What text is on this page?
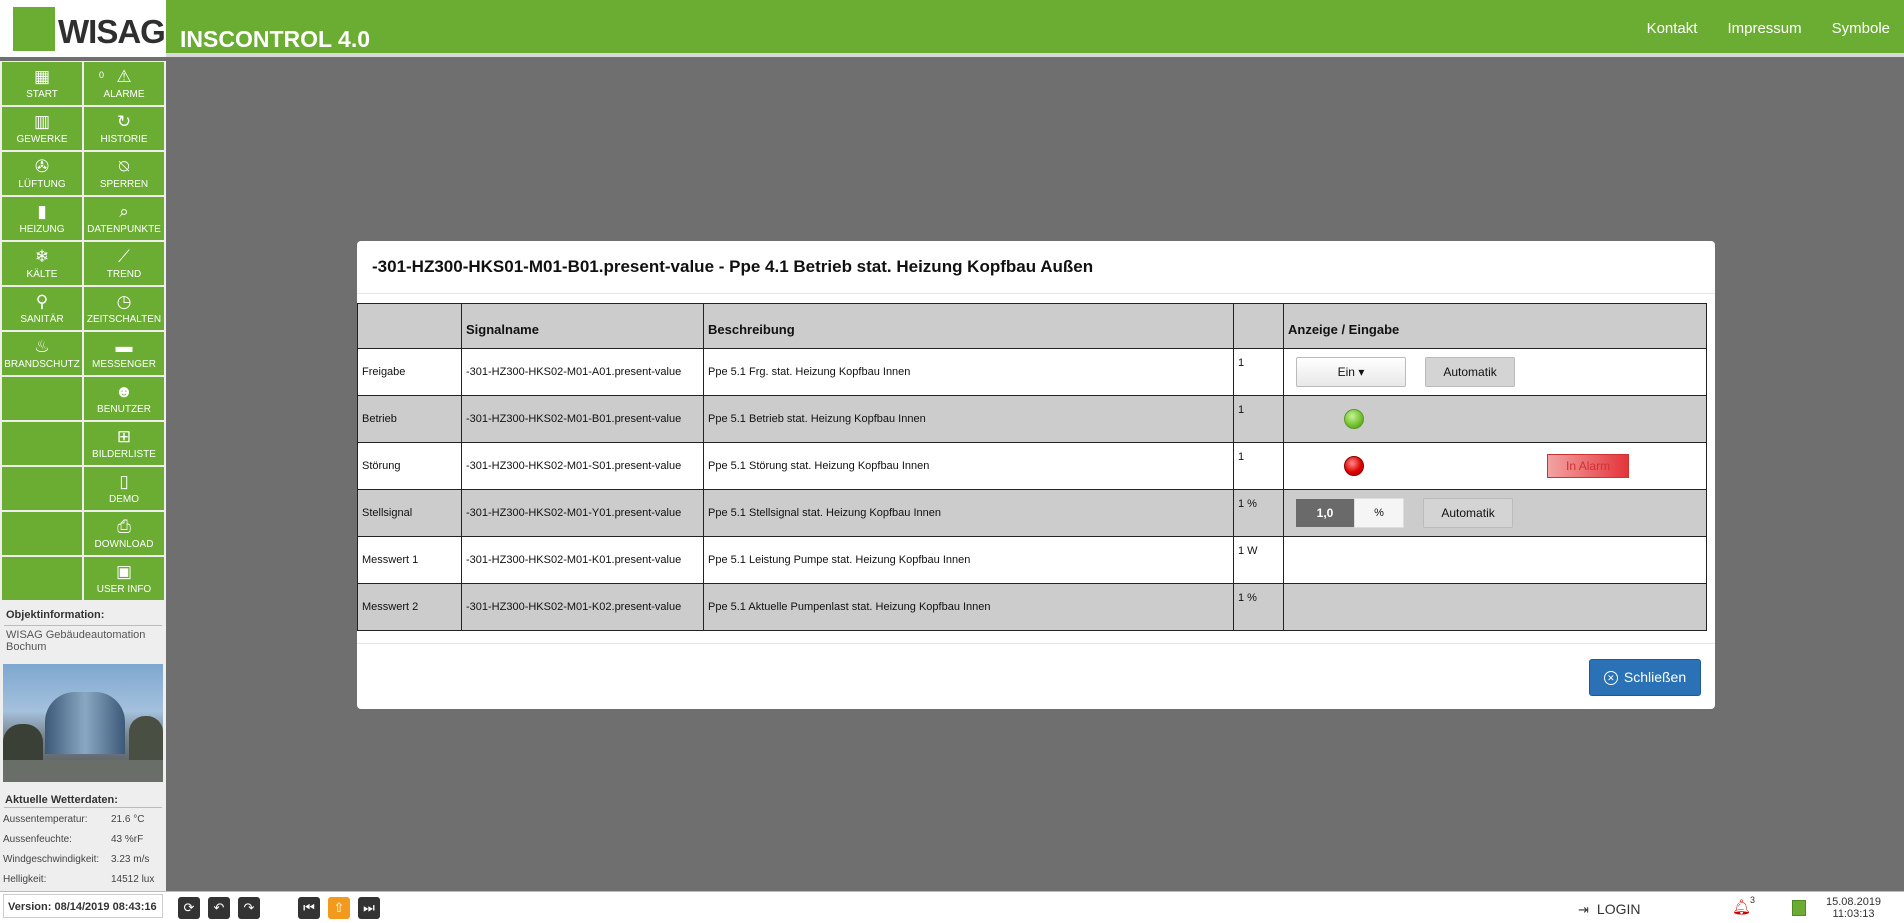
WISAG INSCONTROL 4.0	Kontakt Impressum Symbole
▦
START
▥
GEWERKE
✇
LÜFTUNG
▮
HEIZUNG
❄
KÄLTE
⚲
SANITÄR
♨
BRANDSCHUTZ
0 ⚠
ALARME
↻
HISTORIE
⍉
SPERREN
⌕
DATENPUNKTE
⟋
TREND
◷
ZEITSCHALTEN
▬
MESSENGER
☻
BENUTZER
⊞
BILDERLISTE
▯
DEMO
⎙
DOWNLOAD
▣
USER INFO
Objektinformation:
WISAG Gebäudeautomation Bochum
Aktuelle Wetterdaten:
Aussentemperatur: 21.6 °C
Aussenfeuchte:	43 %rF
Windgeschwindigkeit: 3.23 m/s
Helligkeit:	14512 lux
-301-HZ300-HKS01-M01-B01.present-value - Ppe 4.1 Betrieb stat. Heizung Kopfbau Außen
	Signalname	Beschreibung		Anzeige / Eingabe
Freigabe	-301-HZ300-HKS02-M01-A01.present-value	Ppe 5.1 Frg. stat. Heizung Kopfbau Innen	1	Ein ▾ Automatik
Betrieb	-301-HZ300-HKS02-M01-B01.present-value	Ppe 5.1 Betrieb stat. Heizung Kopfbau Innen	1	
Störung	-301-HZ300-HKS02-M01-S01.present-value	Ppe 5.1 Störung stat. Heizung Kopfbau Innen	1	In Alarm
Stellsignal	-301-HZ300-HKS02-M01-Y01.present-value	Ppe 5.1 Stellsignal stat. Heizung Kopfbau Innen	1 %	1,0 % Automatik
Messwert 1	-301-HZ300-HKS02-M01-K01.present-value	Ppe 5.1 Leistung Pumpe stat. Heizung Kopfbau Innen	1 W	
Messwert 2	-301-HZ300-HKS02-M01-K02.present-value	Ppe 5.1 Aktuelle Pumpenlast stat. Heizung Kopfbau Innen	1 %	
✕ Schließen
Version: 08/14/2019 08:43:16	⟳	↶	↷	⏮	⇧	⏭	⇥ LOGIN	🔔︎
3	15.08.2019
11:03:13
